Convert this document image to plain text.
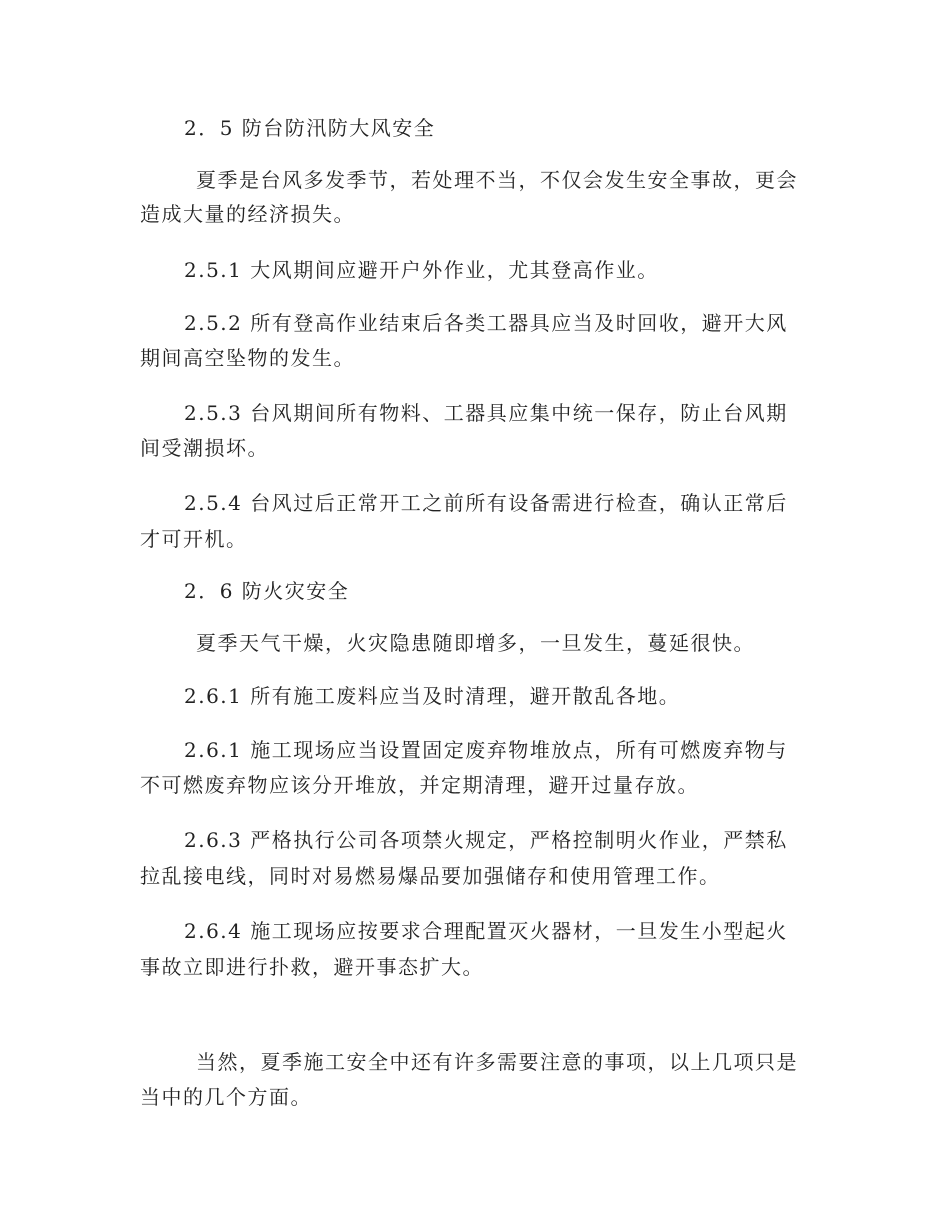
2．5 防台防汛防大风安全
夏季是台风多发季节，若处理不当，不仅会发生安全事故，更会
造成大量的经济损失。
2.5.1 大风期间应避开户外作业，尤其登高作业。
2.5.2 所有登高作业结束后各类工器具应当及时回收，避开大风
期间高空坠物的发生。
2.5.3 台风期间所有物料、工器具应集中统一保存，防止台风期
间受潮损坏。
2.5.4 台风过后正常开工之前所有设备需进行检查，确认正常后
才可开机。
2．6 防火灾安全
夏季天气干燥，火灾隐患随即增多，一旦发生，蔓延很快。
2.6.1 所有施工废料应当及时清理，避开散乱各地。
2.6.1 施工现场应当设置固定废弃物堆放点，所有可燃废弃物与
不可燃废弃物应该分开堆放，并定期清理，避开过量存放。
2.6.3 严格执行公司各项禁火规定，严格控制明火作业，严禁私
拉乱接电线，同时对易燃易爆品要加强储存和使用管理工作。
2.6.4 施工现场应按要求合理配置灭火器材，一旦发生小型起火
事故立即进行扑救，避开事态扩大。
当然，夏季施工安全中还有许多需要注意的事项，以上几项只是
当中的几个方面。
